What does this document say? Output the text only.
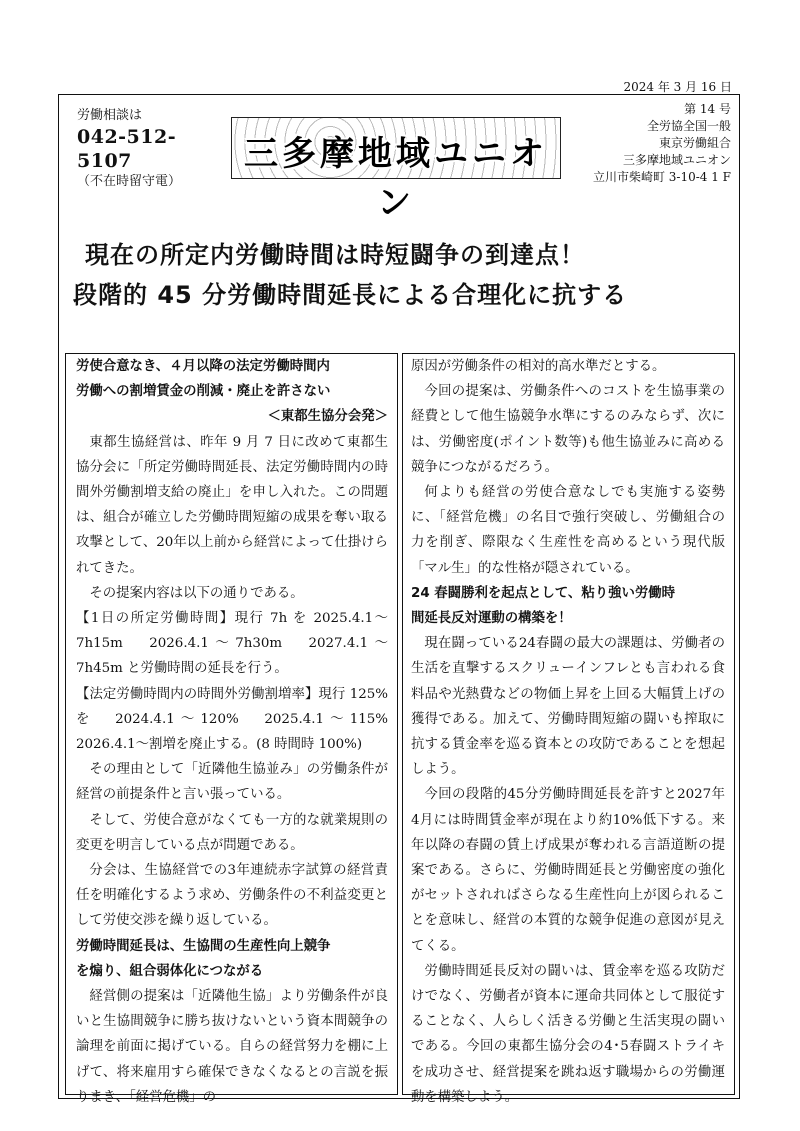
2024 年 3 月 16 日
労働相談は
042-512-5107
（不在時留守電）
三多摩地域ユニオン
第 14 号
全労協全国一般
東京労働組合
三多摩地域ユニオン
立川市柴崎町 3-10-4 1 F
現在の所定内労働時間は時短闘争の到達点！
段階的 45 分労働時間延長による合理化に抗する

労使合意なき、４月以降の法定労働時間内

労働への割増賃金の削減・廃止を許さない

＜東都生協分会発＞

東都生協経営は、昨年 9 月 7 日に改めて東都生協分会に「所定労働時間延長、法定労働時間内の時間外労働割増支給の廃止」を申し入れた。この問題は、組合が確立した労働時間短縮の成果を奪い取る攻撃として、20年以上前から経営によって仕掛けられてきた。

その提案内容は以下の通りである。

【1日の所定労働時間】現行 7h を 2025.4.1～7h15m　2026.4.1～7h30m　2027.4.1～7h45m と労働時間の延長を行う。

【法定労働時間内の時間外労働割増率】現行 125%を　2024.4.1～120%　2025.4.1～115%　2026.4.1～割増を廃止する。(8 時間時 100%)

その理由として「近隣他生協並み」の労働条件が経営の前提条件と言い張っている。

そして、労使合意がなくても一方的な就業規則の変更を明言している点が問題である。

分会は、生協経営での3年連続赤字試算の経営責任を明確化するよう求め、労働条件の不利益変更として労使交渉を繰り返している。

労働時間延長は、生協間の生産性向上競争

を煽り、組合弱体化につながる

経営側の提案は「近隣他生協」より労働条件が良いと生協間競争に勝ち抜けないという資本間競争の論理を前面に掲げている。自らの経営努力を棚に上げて、将来雇用すら確保できなくなるとの言説を振りまき、「経営危機」の

原因が労働条件の相対的高水準だとする。

今回の提案は、労働条件へのコストを生協事業の経費として他生協競争水準にするのみならず、次には、労働密度(ポイント数等)も他生協並みに高める競争につながるだろう。

何よりも経営の労使合意なしでも実施する姿勢に、「経営危機」の名目で強行突破し、労働組合の力を削ぎ、際限なく生産性を高めるという現代版「マル生」的な性格が隠されている。

24 春闘勝利を起点として、粘り強い労働時

間延長反対運動の構築を！

現在闘っている24春闘の最大の課題は、労働者の生活を直撃するスクリューインフレとも言われる食料品や光熱費などの物価上昇を上回る大幅賃上げの獲得である。加えて、労働時間短縮の闘いも搾取に抗する賃金率を巡る資本との攻防であることを想起しよう。

今回の段階的45分労働時間延長を許すと2027年4月には時間賃金率が現在より約10%低下する。来年以降の春闘の賃上げ成果が奪われる言語道断の提案である。さらに、労働時間延長と労働密度の強化がセットされればさらなる生産性向上が図られることを意味し、経営の本質的な競争促進の意図が見えてくる。

労働時間延長反対の闘いは、賃金率を巡る攻防だけでなく、労働者が資本に運命共同体として服従することなく、人らしく活きる労働と生活実現の闘いである。今回の東都生協分会の4･5春闘ストライキを成功させ、経営提案を跳ね返す職場からの労働運動を構築しよう。
